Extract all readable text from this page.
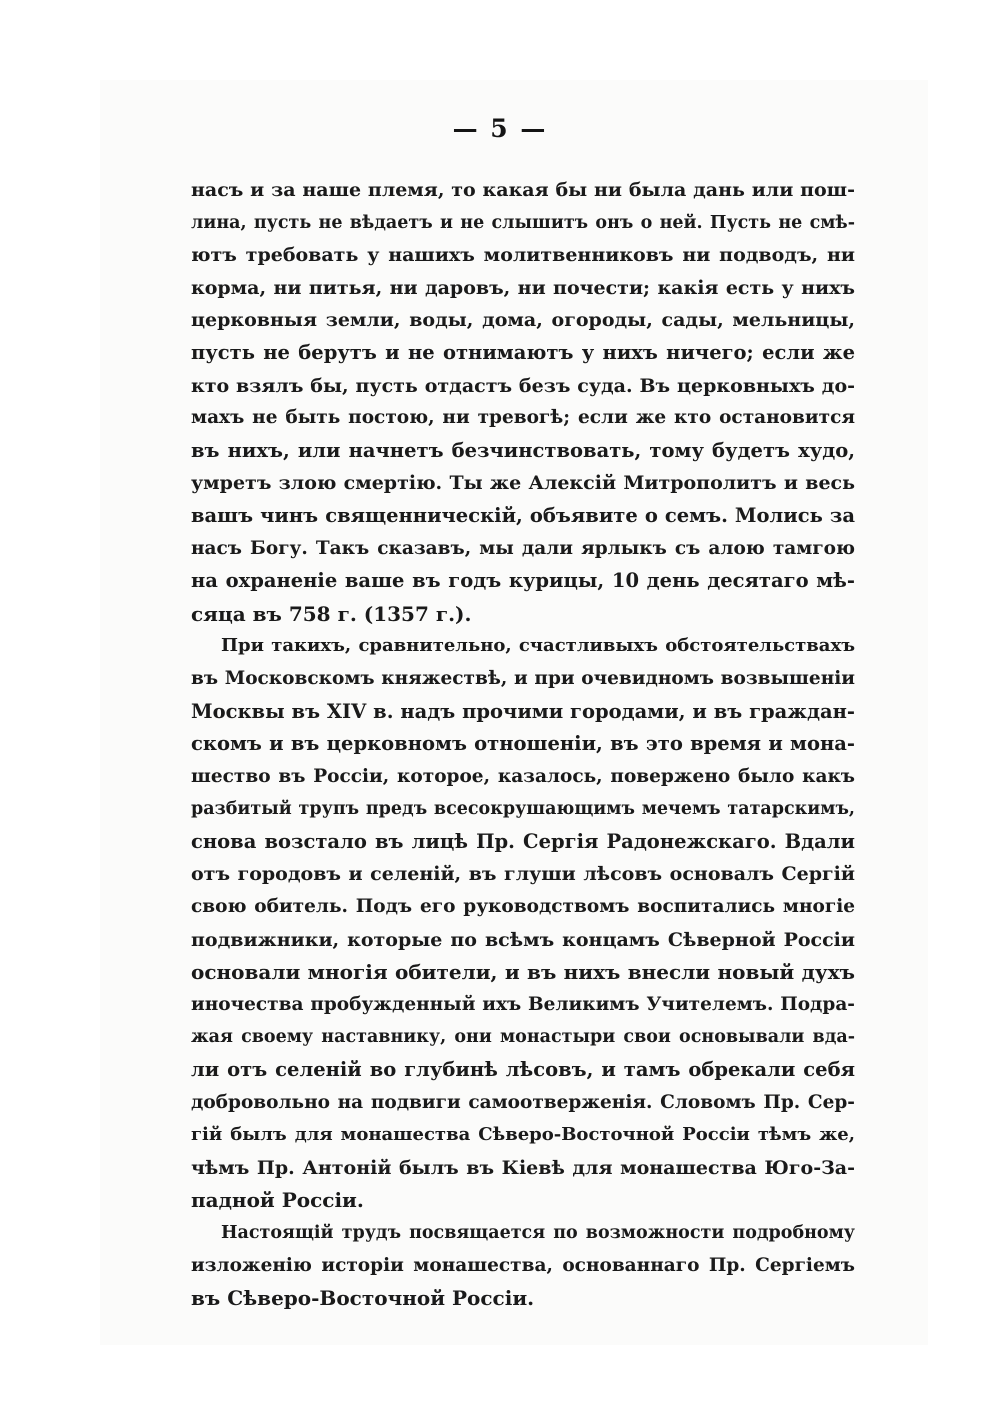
— 5 —
насъ и за наше племя, то какая бы ни была дань или пош-
лина, пусть не вѣдаетъ и не слышитъ онъ о ней. Пусть не смѣ-
ютъ требовать у нашихъ молитвенниковъ ни подводъ, ни
корма, ни питья, ни даровъ, ни почести; какія есть у нихъ
церковныя земли, воды, дома, огороды, сады, мельницы,
пусть не берутъ и не отнимаютъ у нихъ ничего; если же
кто взялъ бы, пусть отдастъ безъ суда. Въ церковныхъ до-
махъ не быть постою, ни тревогѣ; если же кто остановится
въ нихъ, или начнетъ безчинствовать, тому будетъ худо,
умретъ злою смертію. Ты же Алексій Митрополитъ и весь
вашъ чинъ священническій, объявите о семъ. Молись за
насъ Богу. Такъ сказавъ, мы дали ярлыкъ съ алою тамгою
на охраненіе ваше въ годъ курицы, 10 день десятаго мѣ-
сяца въ 758 г. (1357 г.).
При такихъ, сравнительно, счастливыхъ обстоятельствахъ
въ Московскомъ княжествѣ, и при очевидномъ возвышеніи
Москвы въ XIV в. надъ прочими городами, и въ граждан-
скомъ и въ церковномъ отношеніи, въ это время и мона-
шество въ Россіи, которое, казалось, повержено было какъ
разбитый трупъ предъ всесокрушающимъ мечемъ татарскимъ,
снова возстало въ лицѣ Пр. Сергія Радонежскаго. Вдали
отъ городовъ и селеній, въ глуши лѣсовъ основалъ Сергій
свою обитель. Подъ его руководствомъ воспитались многіе
подвижники, которые по всѣмъ концамъ Сѣверной Россіи
основали многія обители, и въ нихъ внесли новый духъ
иночества пробужденный ихъ Великимъ Учителемъ. Подра-
жая своему наставнику, они монастыри свои основывали вда-
ли отъ селеній во глубинѣ лѣсовъ, и тамъ обрекали себя
добровольно на подвиги самоотверженія. Словомъ Пр. Сер-
гій былъ для монашества Сѣверо-Восточной Россіи тѣмъ же,
чѣмъ Пр. Антоній былъ въ Кіевѣ для монашества Юго-За-
падной Россіи.
Настоящій трудъ посвящается по возможности подробному
изложенію исторіи монашества, основаннаго Пр. Сергіемъ
въ Сѣверо-Восточной Россіи.
